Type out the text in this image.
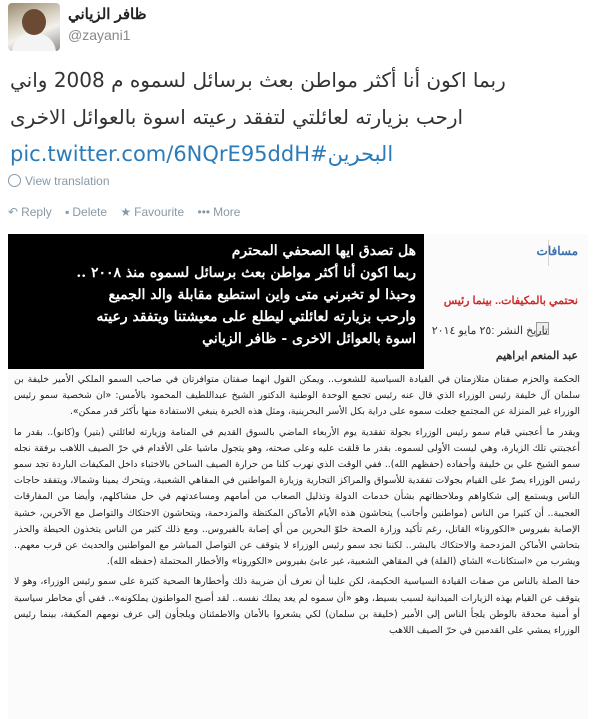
ظافر الزياني
@zayani1
ربما اكون أنا أكثر مواطن بعث برسائل لسموه م 2008 واني
ارحب بزيارته لعائلتي لتفقد رعيته اسوة بالعوائل الاخرى
pic.twitter.com/6NQrE95ddH#البحرين
View translation
↶ Reply ▪ Delete ★ Favourite ••• More
مسافات
هل تصدق ايها الصحفي المحترم
ربما اكون أنا أكثر مواطن بعث برسائل لسموه منذ ٢٠٠٨ ..
وحبذا لو تخبرني متى واين استطيع مقابلة والد الجميع
وارحب بزيارته لعائلتي ليطلع على معيشتنا ويتفقد رعيته
اسوة بالعوائل الاخرى - ظافر الزياني
نحتمي بالمكيفات.. بينما رئيس
تاريخ النشر :٢٥ مايو ٢٠١٤
عبد المنعم ابراهيم

الحكمة والحزم صفتان متلازمتان في القيادة السياسية للشعوب.. ويمكن القول انهما صفتان متوافرتان في صاحب السمو الملكي الأمير خليفة بن سلمان آل خليفة رئيس الوزراء الذي قال عنه رئيس تجمع الوحدة الوطنية الدكتور الشيخ عبداللطيف المحمود بالأمس: «ان شخصية سمو رئيس الوزراء غير المنزلة عن المجتمع جعلت سموه على دراية بكل الأسر البحرينية، ومثل هذه الخبرة ينبغي الاستفادة منها بأكثر قدر ممكن».

ويقدر ما أعجبني قيام سمو رئيس الوزراء بجولة تفقدية يوم الأربعاء الماضي بالسوق القديم في المنامة وزيارته لعائلتي (بتير) و(كانو).. بقدر ما أعجبتني تلك الزيارة، وهي ليست الأولى لسموه. بقدر ما قلقت عليه وعلى صحته، وهو يتجول ماشيا على الأقدام في حرّ الصيف اللاهب برفقة نجله سمو الشيخ علي بن خليفة وأحفاده (حفظهم الله).. ففي الوقت الذي نهرب كلنا من حرارة الصيف الساخن بالاختباء داخل المكيفات الباردة تجد سمو رئيس الوزراء يصرّ على القيام بجولات تفقدية للأسواق والمراكز التجارية وزيارة المواطنين في المقاهي الشعبية، ويتحرك يمينا وشمالا، ويتفقد حاجات الناس ويستمع إلى شكاواهم وملاحظاتهم بشأن خدمات الدولة وتذليل الصعاب من أمامهم ومساعدتهم في حل مشاكلهم، وأيضا من المفارقات العجيبة.. أن كثيرا من الناس (مواطنين وأجانب) يتحاشون هذه الأيام الأماكن المكتظة والمزدحمة، ويتحاشون الاحتكاك والتواصل مع الآخرين، خشية الإصابة بفيروس «الكورونا» القاتل، رغم تأكيد وزارة الصحة خلوّ البحرين من أي إصابة بالفيروس.. ومع ذلك كثير من الناس يتخذون الحيطة والحذر بتحاشي الأماكن المزدحمة والاحتكاك بالبشر.. لكننا نجد سمو رئيس الوزراء لا يتوقف عن التواصل المباشر مع المواطنين والحديث عن قرب معهم.. ويشرب من «استكانات» الشاي (الفلة) في المقاهي الشعبية، غير عابئ بفيروس «الكورونا» والأخطار المحتملة (حفظه الله).

حقا الصلة بالناس من صفات القيادة السياسية الحكيمة، لكن علينا أن نعرف أن ضريبة ذلك وأخطارها الصحية كثيرة على سمو رئيس الوزراء، وهو لا يتوقف عن القيام بهذه الزيارات الميدانية لسبب بسيط، وهو «أن سموه لم يعد يملك نفسه.. لقد أصبح المواطنون يملكونه».. ففي أي مخاطر سياسية أو أمنية محدقة بالوطن يلجأ الناس إلى الأمير (خليفة بن سلمان) لكي يشعروا بالأمان والاطمئنان ويلجأون إلى عرف نومهم المكيفة، بينما رئيس الوزراء يمشي على القدمين في حرّ الصيف اللاهب
